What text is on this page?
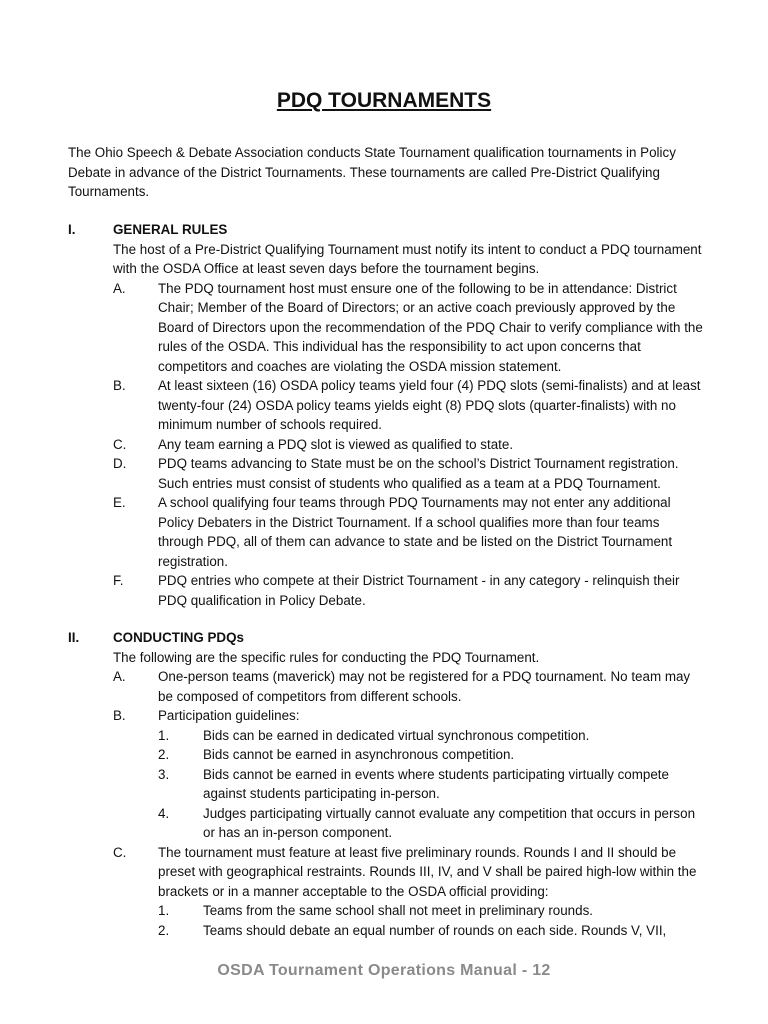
PDQ TOURNAMENTS
The Ohio Speech & Debate Association conducts State Tournament qualification tournaments in Policy Debate in advance of the District Tournaments. These tournaments are called Pre-District Qualifying Tournaments.
I.	GENERAL RULES
The host of a Pre-District Qualifying Tournament must notify its intent to conduct a PDQ tournament with the OSDA Office at least seven days before the tournament begins.
A. The PDQ tournament host must ensure one of the following to be in attendance: District Chair; Member of the Board of Directors; or an active coach previously approved by the Board of Directors upon the recommendation of the PDQ Chair to verify compliance with the rules of the OSDA. This individual has the responsibility to act upon concerns that competitors and coaches are violating the OSDA mission statement.
B. At least sixteen (16) OSDA policy teams yield four (4) PDQ slots (semi-finalists) and at least twenty-four (24) OSDA policy teams yields eight (8) PDQ slots (quarter-finalists) with no minimum number of schools required.
C. Any team earning a PDQ slot is viewed as qualified to state.
D. PDQ teams advancing to State must be on the school’s District Tournament registration. Such entries must consist of students who qualified as a team at a PDQ Tournament.
E. A school qualifying four teams through PDQ Tournaments may not enter any additional Policy Debaters in the District Tournament. If a school qualifies more than four teams through PDQ, all of them can advance to state and be listed on the District Tournament registration.
F.	PDQ entries who compete at their District Tournament - in any category - relinquish their PDQ qualification in Policy Debate.
II.	CONDUCTING PDQs
The following are the specific rules for conducting the PDQ Tournament.
A. One-person teams (maverick) may not be registered for a PDQ tournament. No team may be composed of competitors from different schools.
B. Participation guidelines:
1.	Bids can be earned in dedicated virtual synchronous competition.
2.	Bids cannot be earned in asynchronous competition.
3.	Bids cannot be earned in events where students participating virtually compete against students participating in-person.
4.	Judges participating virtually cannot evaluate any competition that occurs in person or has an in-person component.
C. The tournament must feature at least five preliminary rounds. Rounds I and II should be preset with geographical restraints. Rounds III, IV, and V shall be paired high-low within the brackets or in a manner acceptable to the OSDA official providing:
1.	Teams from the same school shall not meet in preliminary rounds.
2.	Teams should debate an equal number of rounds on each side. Rounds V, VII,
OSDA Tournament Operations Manual - 12
